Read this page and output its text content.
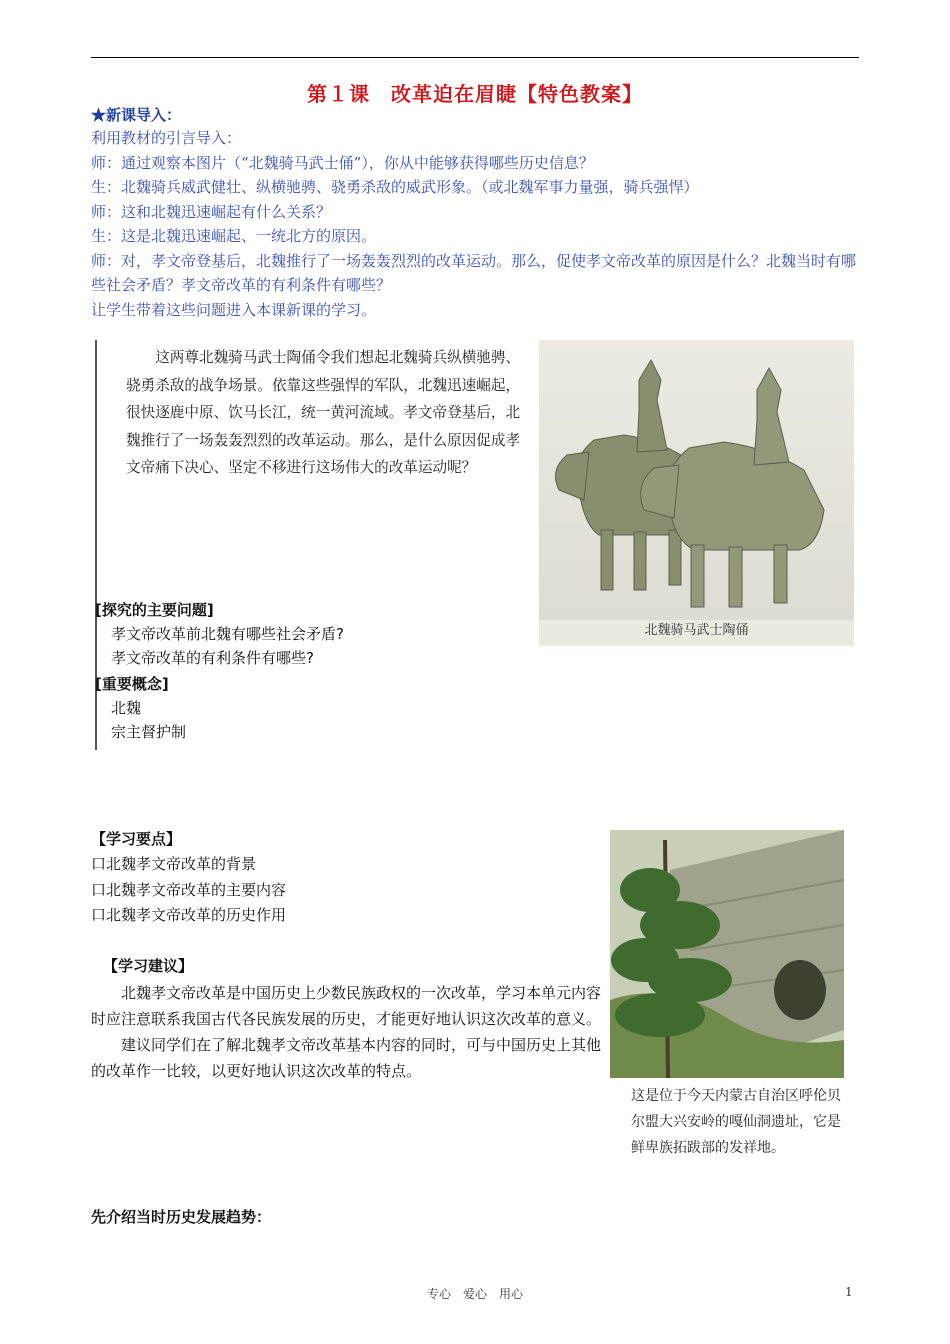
第１课　改革迫在眉睫【特色教案】
★新课导入：

利用教材的引言导入：

师：通过观察本图片（“北魏骑马武士俑”），你从中能够获得哪些历史信息？

生：北魏骑兵威武健壮、纵横驰骋、骁勇杀敌的威武形象。（或北魏军事力量强，骑兵强悍）

师：这和北魏迅速崛起有什么关系？

生：这是北魏迅速崛起、一统北方的原因。

师：对，孝文帝登基后，北魏推行了一场轰轰烈烈的改革运动。那么，促使孝文帝改革的原因是什么？北魏当时有哪些社会矛盾？孝文帝改革的有利条件有哪些？

让学生带着这些问题进入本课新课的学习。

这两尊北魏骑马武士陶俑令我们想起北魏骑兵纵横驰骋、骁勇杀敌的战争场景。依靠这些强悍的军队，北魏迅速崛起，很快逐鹿中原、饮马长江，统一黄河流域。孝文帝登基后，北魏推行了一场轰轰烈烈的改革运动。那么，是什么原因促成孝文帝痛下决心、坚定不移进行这场伟大的改革运动呢？
北魏骑马武士陶俑
[探究的主要问题]
孝文帝改革前北魏有哪些社会矛盾?
孝文帝改革的有利条件有哪些?
[重要概念]
北魏
宗主督护制
【学习要点】
口北魏孝文帝改革的背景
口北魏孝文帝改革的主要内容
口北魏孝文帝改革的历史作用
【学习建议】

北魏孝文帝改革是中国历史上少数民族政权的一次改革，学习本单元内容时应注意联系我国古代各民族发展的历史，才能更好地认识这次改革的意义。

建议同学们在了解北魏孝文帝改革基本内容的同时，可与中国历史上其他的改革作一比较，以更好地认识这次改革的特点。

这是位于今天内蒙古自治区呼伦贝尔盟大兴安岭的嘎仙洞遗址，它是鲜卑族拓跋部的发祥地。
先介绍当时历史发展趋势：
专心　爱心　用心	1
